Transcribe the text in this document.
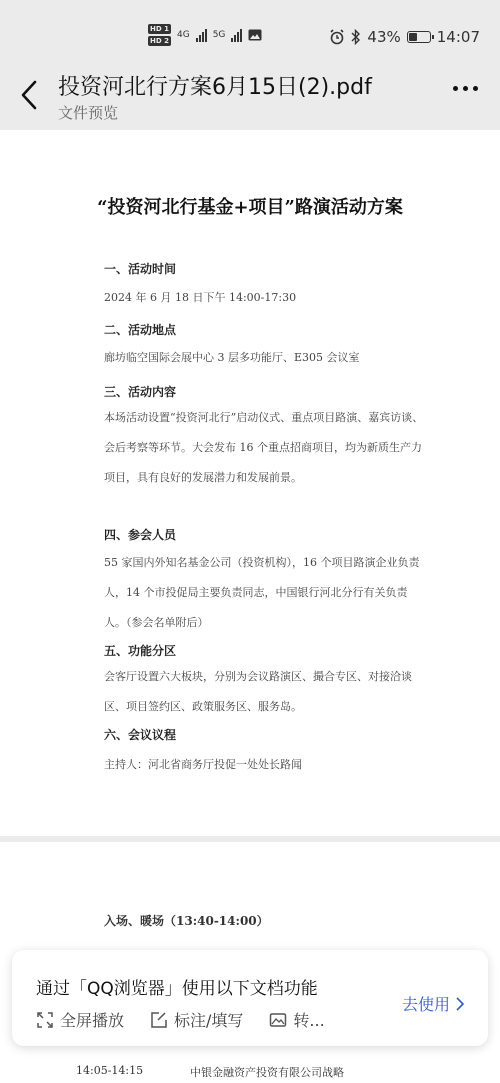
HD 1
HD 2
4G	5G	43% 14:07
投资河北行方案6月15日(2).pdf
文件预览
“投资河北行基金+项目”路演活动方案
一、活动时间
2024 年 6 月 18 日下午 14:00-17:30
二、活动地点
廊坊临空国际会展中心 3 层多功能厅、E305 会议室
三、活动内容
本场活动设置“投资河北行”启动仪式、重点项目路演、嘉宾访谈、会后考察等环节。大会发布 16 个重点招商项目，均为新质生产力项目，具有良好的发展潜力和发展前景。
四、参会人员
55 家国内外知名基金公司（投资机构），16 个项目路演企业负责人，14 个市投促局主要负责同志，中国银行河北分行有关负责人。（参会名单附后）
五、功能分区
会客厅设置六大板块，分别为会议路演区、撮合专区、对接洽谈区、项目签约区、政策服务区、服务岛。
六、会议议程
主持人：河北省商务厅投促一处处长路闻
入场、暖场（13:40-14:00）
14:05-14:15	中银金融资产投资有限公司战略
通过「QQ浏览器」使用以下文档功能
全屏播放	标注/填写	转...
去使用
